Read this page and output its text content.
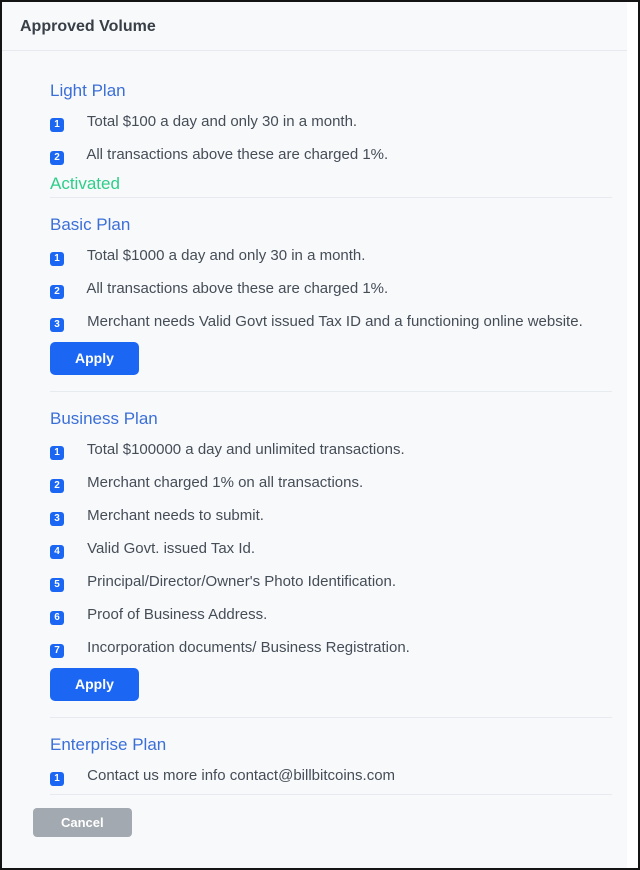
Approved Volume
Light Plan

1 Total $100 a day and only 30 in a month.

2 All transactions above these are charged 1%.

Activated
Basic Plan

1 Total $1000 a day and only 30 in a month.

2 All transactions above these are charged 1%.

3 Merchant needs Valid Govt issued Tax ID and a functioning online website.

Apply
Business Plan

1 Total $100000 a day and unlimited transactions.

2 Merchant charged 1% on all transactions.

3 Merchant needs to submit.

4 Valid Govt. issued Tax Id.

5 Principal/Director/Owner's Photo Identification.

6 Proof of Business Address.

7 Incorporation documents/ Business Registration.

Apply
Enterprise Plan

1 Contact us more info contact@billbitcoins.com

Cancel
